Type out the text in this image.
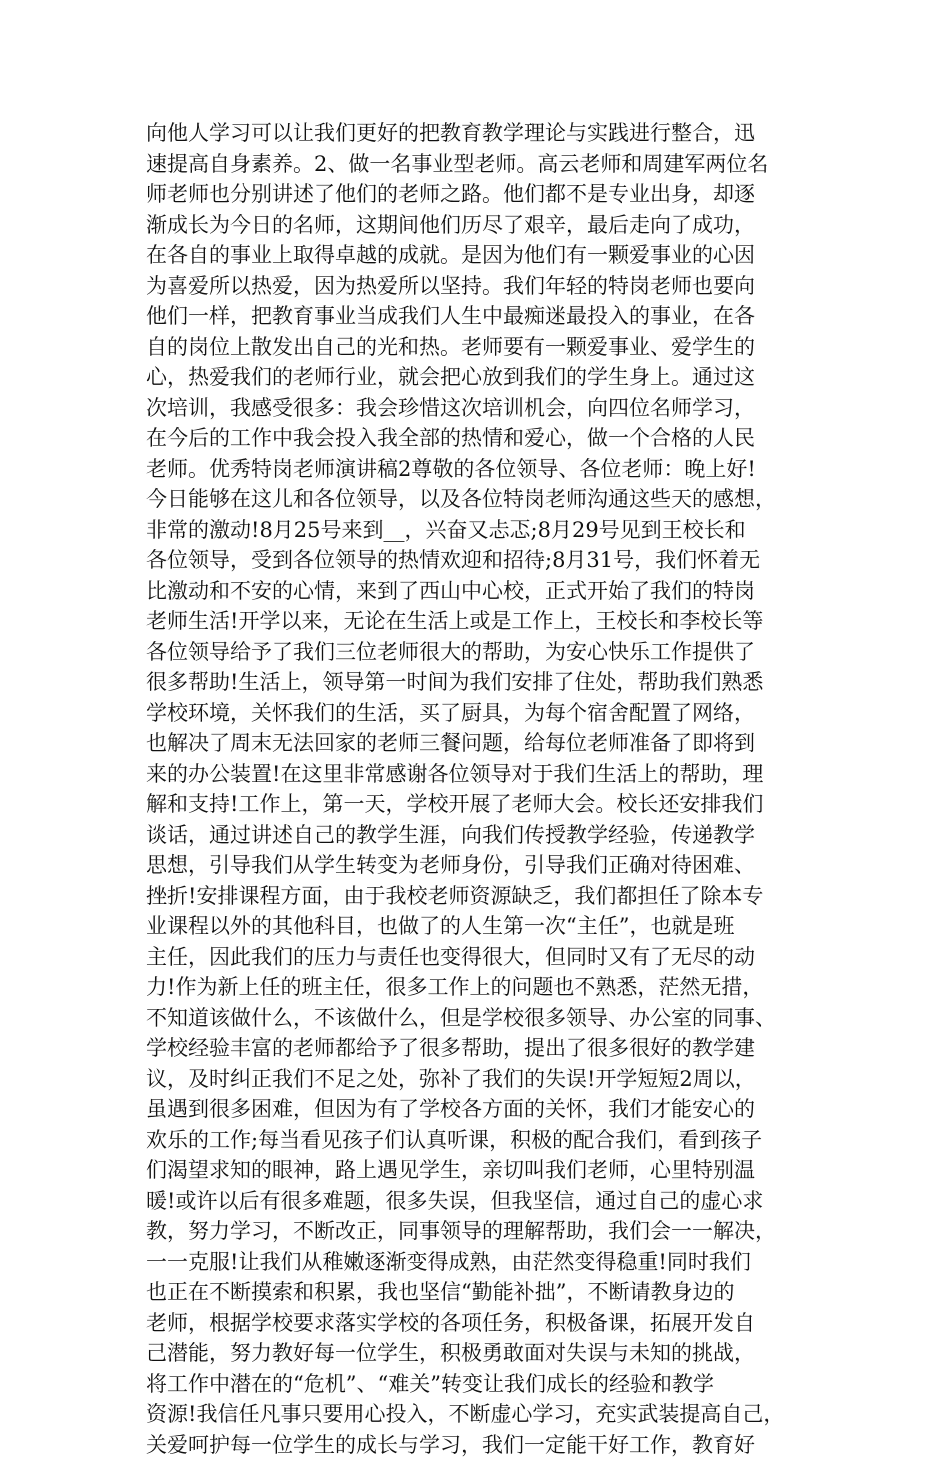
向他人学习可以让我们更好的把教育教学理论与实践进行整合，迅
速提高自身素养。2、做一名事业型老师。高云老师和周建军两位名
师老师也分别讲述了他们的老师之路。他们都不是专业出身，却逐
渐成长为今日的名师，这期间他们历尽了艰辛，最后走向了成功，
在各自的事业上取得卓越的成就。是因为他们有一颗爱事业的心因
为喜爱所以热爱，因为热爱所以坚持。我们年轻的特岗老师也要向
他们一样，把教育事业当成我们人生中最痴迷最投入的事业，在各
自的岗位上散发出自己的光和热。老师要有一颗爱事业、爱学生的
心，热爱我们的老师行业，就会把心放到我们的学生身上。通过这
次培训，我感受很多：我会珍惜这次培训机会，向四位名师学习，
在今后的工作中我会投入我全部的热情和爱心，做一个合格的人民
老师。优秀特岗老师演讲稿2尊敬的各位领导、各位老师：晚上好!
今日能够在这儿和各位领导，以及各位特岗老师沟通这些天的感想，
非常的激动!8月25号来到__，兴奋又忐忑;8月29号见到王校长和
各位领导，受到各位领导的热情欢迎和招待;8月31号，我们怀着无
比激动和不安的心情，来到了西山中心校，正式开始了我们的特岗
老师生活!开学以来，无论在生活上或是工作上，王校长和李校长等
各位领导给予了我们三位老师很大的帮助，为安心快乐工作提供了
很多帮助!生活上，领导第一时间为我们安排了住处，帮助我们熟悉
学校环境，关怀我们的生活，买了厨具，为每个宿舍配置了网络，
也解决了周末无法回家的老师三餐问题，给每位老师准备了即将到
来的办公装置!在这里非常感谢各位领导对于我们生活上的帮助，理
解和支持!工作上，第一天，学校开展了老师大会。校长还安排我们
谈话，通过讲述自己的教学生涯，向我们传授教学经验，传递教学
思想，引导我们从学生转变为老师身份，引导我们正确对待困难、
挫折!安排课程方面，由于我校老师资源缺乏，我们都担任了除本专
业课程以外的其他科目，也做了的人生第一次“主任”，也就是班
主任，因此我们的压力与责任也变得很大，但同时又有了无尽的动
力!作为新上任的班主任，很多工作上的问题也不熟悉，茫然无措，
不知道该做什么，不该做什么，但是学校很多领导、办公室的同事、
学校经验丰富的老师都给予了很多帮助，提出了很多很好的教学建
议，及时纠正我们不足之处，弥补了我们的失误!开学短短2周以，
虽遇到很多困难，但因为有了学校各方面的关怀，我们才能安心的
欢乐的工作;每当看见孩子们认真听课，积极的配合我们，看到孩子
们渴望求知的眼神，路上遇见学生，亲切叫我们老师，心里特别温
暖!或许以后有很多难题，很多失误，但我坚信，通过自己的虚心求
教，努力学习，不断改正，同事领导的理解帮助，我们会一一解决，
一一克服!让我们从稚嫩逐渐变得成熟，由茫然变得稳重!同时我们
也正在不断摸索和积累，我也坚信“勤能补拙”，不断请教身边的
老师，根据学校要求落实学校的各项任务，积极备课，拓展开发自
己潜能，努力教好每一位学生，积极勇敢面对失误与未知的挑战，
将工作中潜在的“危机”、“难关”转变让我们成长的经验和教学
资源!我信任凡事只要用心投入，不断虚心学习，充实武装提高自己，
关爱呵护每一位学生的成长与学习，我们一定能干好工作，教育好
